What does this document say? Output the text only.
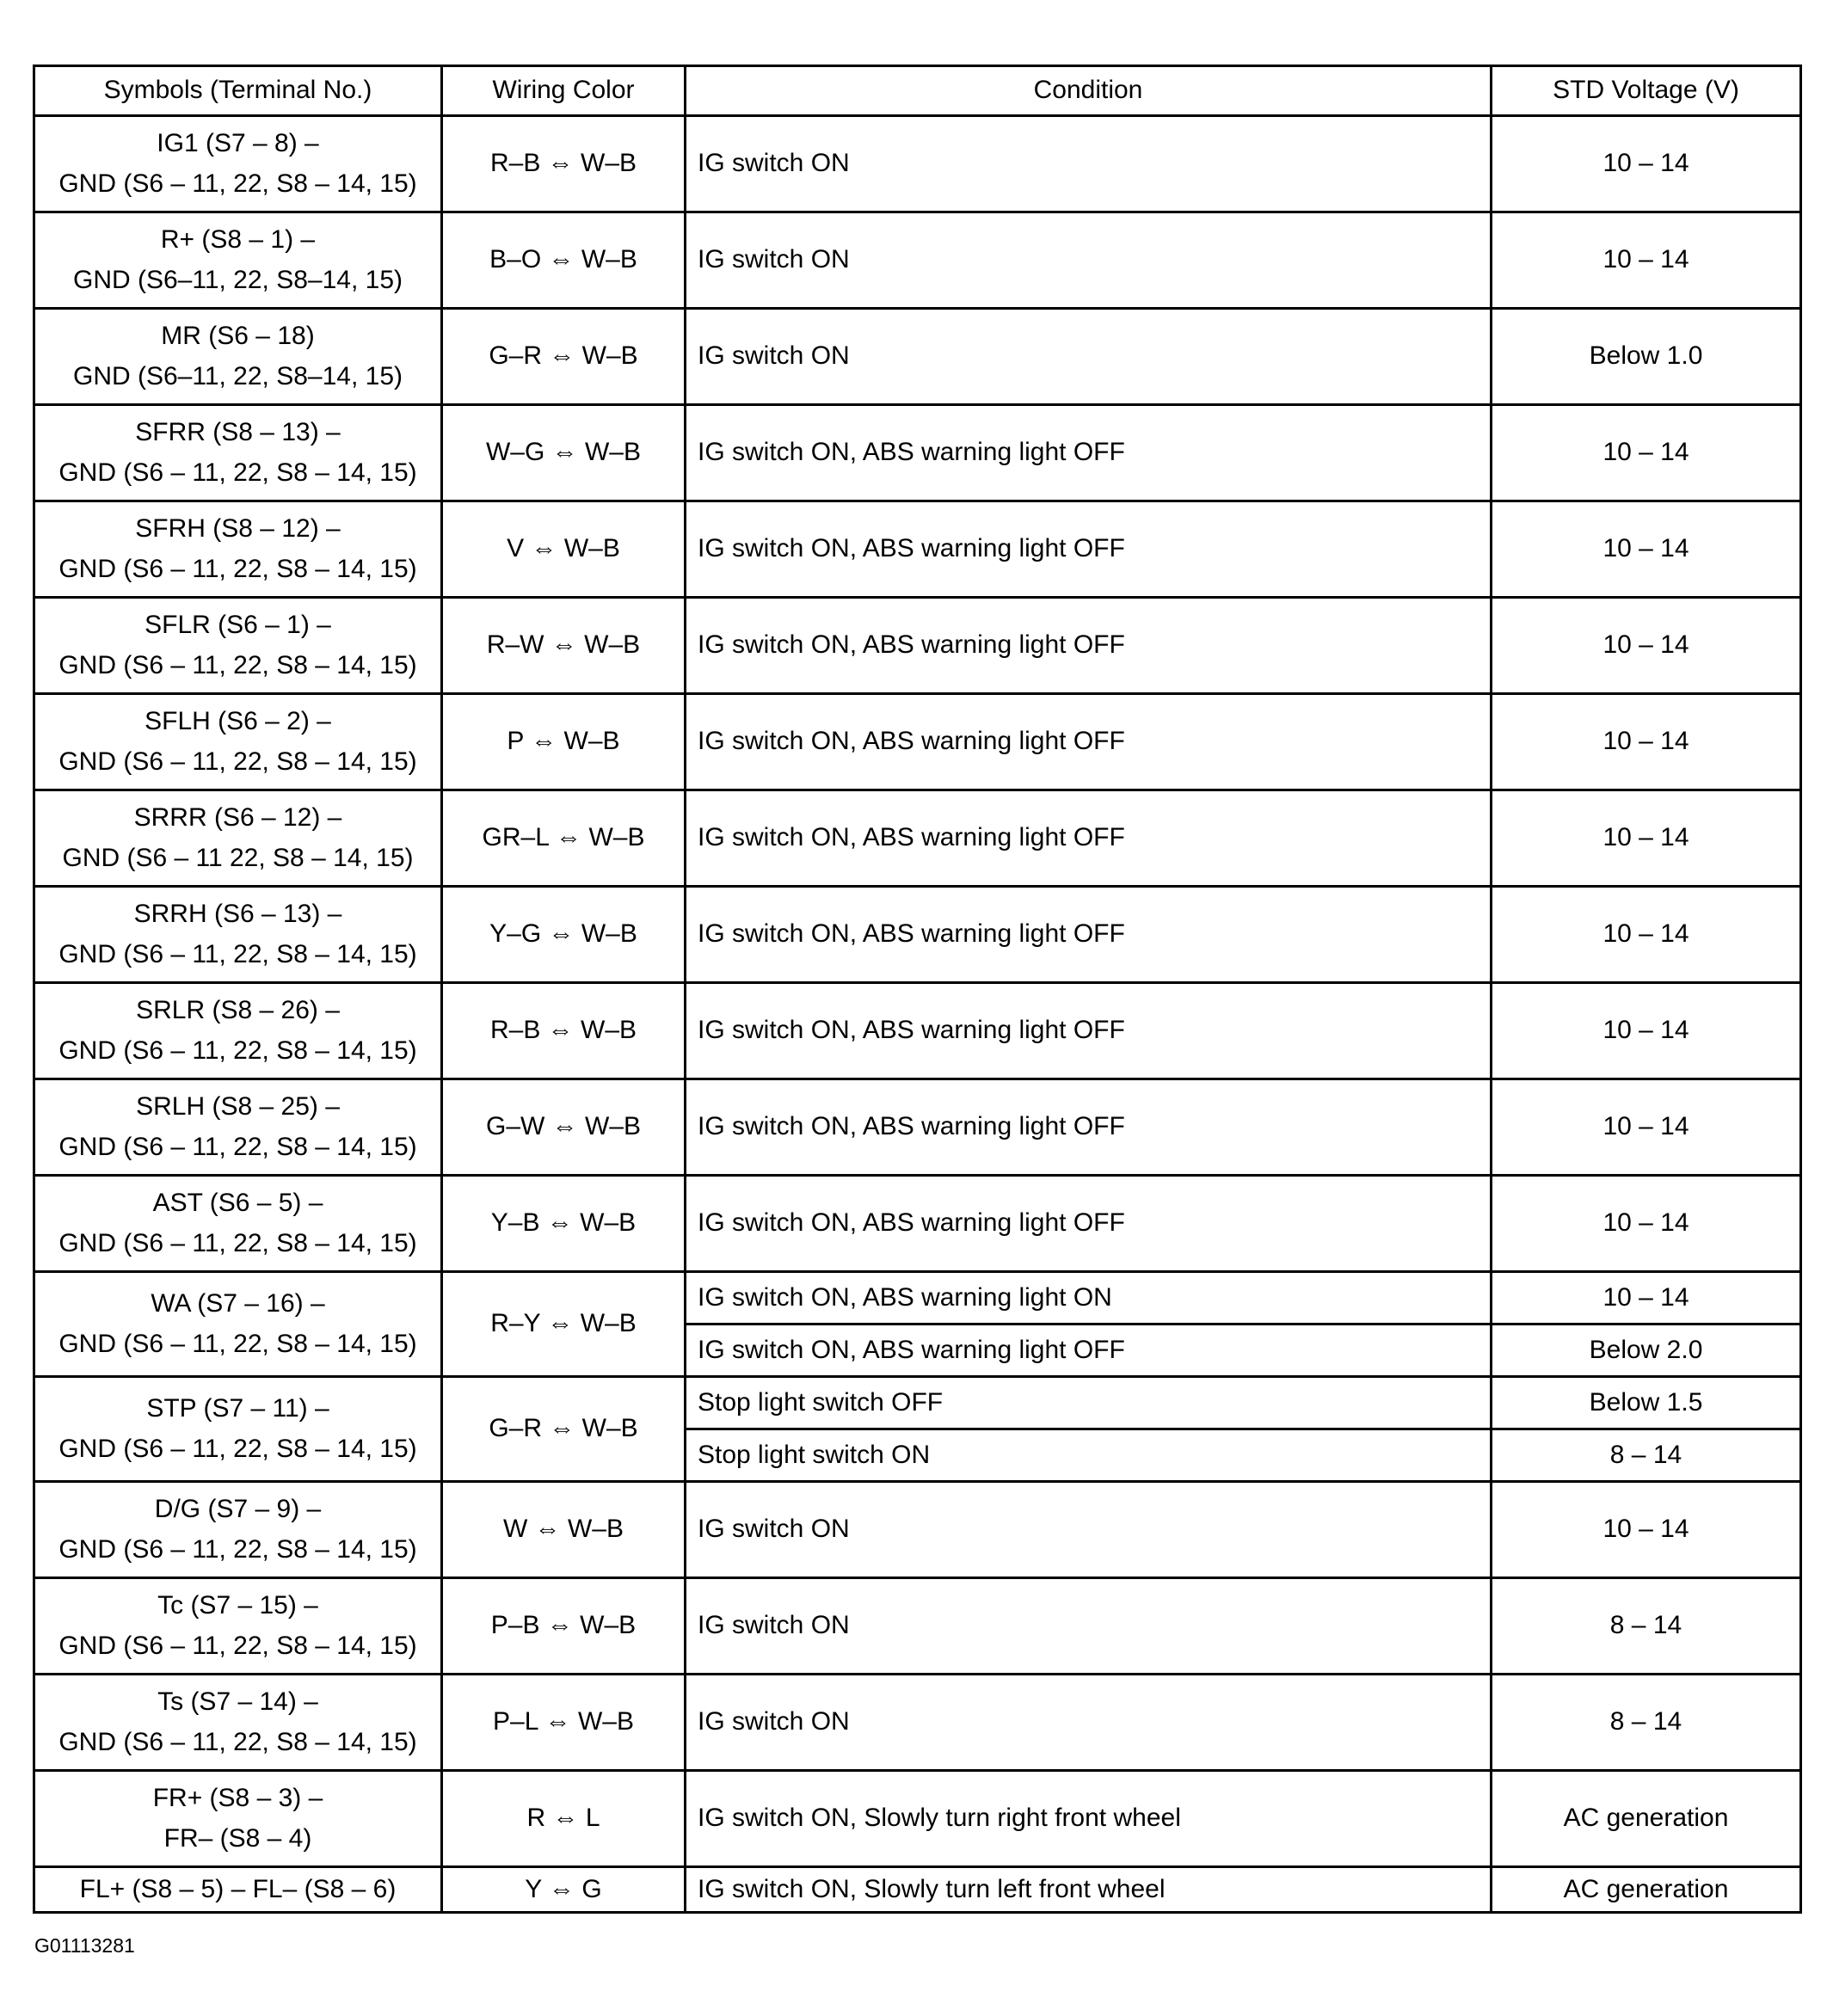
Symbols (Terminal No.)	Wiring Color	Condition	STD Voltage (V)

IG1 (S7 – 8) –
GND (S6 – 11, 22, S8 – 14, 15)	R–B ⇔ W–B	IG switch ON	10 – 14

R+ (S8 – 1) –
GND (S6–11, 22, S8–14, 15)	B–O ⇔ W–B	IG switch ON	10 – 14

MR (S6 – 18)
GND (S6–11, 22, S8–14, 15)	G–R ⇔ W–B	IG switch ON	Below 1.0

SFRR (S8 – 13) –
GND (S6 – 11, 22, S8 – 14, 15)	W–G ⇔ W–B	IG switch ON, ABS warning light OFF	10 – 14

SFRH (S8 – 12) –
GND (S6 – 11, 22, S8 – 14, 15)	V ⇔ W–B	IG switch ON, ABS warning light OFF	10 – 14

SFLR (S6 – 1) –
GND (S6 – 11, 22, S8 – 14, 15)	R–W ⇔ W–B	IG switch ON, ABS warning light OFF	10 – 14

SFLH (S6 – 2) –
GND (S6 – 11, 22, S8 – 14, 15)	P ⇔ W–B	IG switch ON, ABS warning light OFF	10 – 14

SRRR (S6 – 12) –
GND (S6 – 11 22, S8 – 14, 15)	GR–L ⇔ W–B	IG switch ON, ABS warning light OFF	10 – 14

SRRH (S6 – 13) –
GND (S6 – 11, 22, S8 – 14, 15)	Y–G ⇔ W–B	IG switch ON, ABS warning light OFF	10 – 14

SRLR (S8 – 26) –
GND (S6 – 11, 22, S8 – 14, 15)	R–B ⇔ W–B	IG switch ON, ABS warning light OFF	10 – 14

SRLH (S8 – 25) –
GND (S6 – 11, 22, S8 – 14, 15)	G–W ⇔ W–B	IG switch ON, ABS warning light OFF	10 – 14

AST (S6 – 5) –
GND (S6 – 11, 22, S8 – 14, 15)	Y–B ⇔ W–B	IG switch ON, ABS warning light OFF	10 – 14

WA (S7 – 16) –
GND (S6 – 11, 22, S8 – 14, 15)	R–Y ⇔ W–B	IG switch ON, ABS warning light ON	10 – 14
		IG switch ON, ABS warning light OFF	Below 2.0

STP (S7 – 11) –
GND (S6 – 11, 22, S8 – 14, 15)	G–R ⇔ W–B	Stop light switch OFF	Below 1.5
		Stop light switch ON	8 – 14

D/G (S7 – 9) –
GND (S6 – 11, 22, S8 – 14, 15)	W ⇔ W–B	IG switch ON	10 – 14

Tc (S7 – 15) –
GND (S6 – 11, 22, S8 – 14, 15)	P–B ⇔ W–B	IG switch ON	8 – 14

Ts (S7 – 14) –
GND (S6 – 11, 22, S8 – 14, 15)	P–L ⇔ W–B	IG switch ON	8 – 14

FR+ (S8 – 3) –
FR– (S8 – 4)	R ⇔ L	IG switch ON, Slowly turn right front wheel	AC generation

FL+ (S8 – 5) – FL– (S8 – 6)	Y ⇔ G	IG switch ON, Slowly turn left front wheel	AC generation
G01113281
